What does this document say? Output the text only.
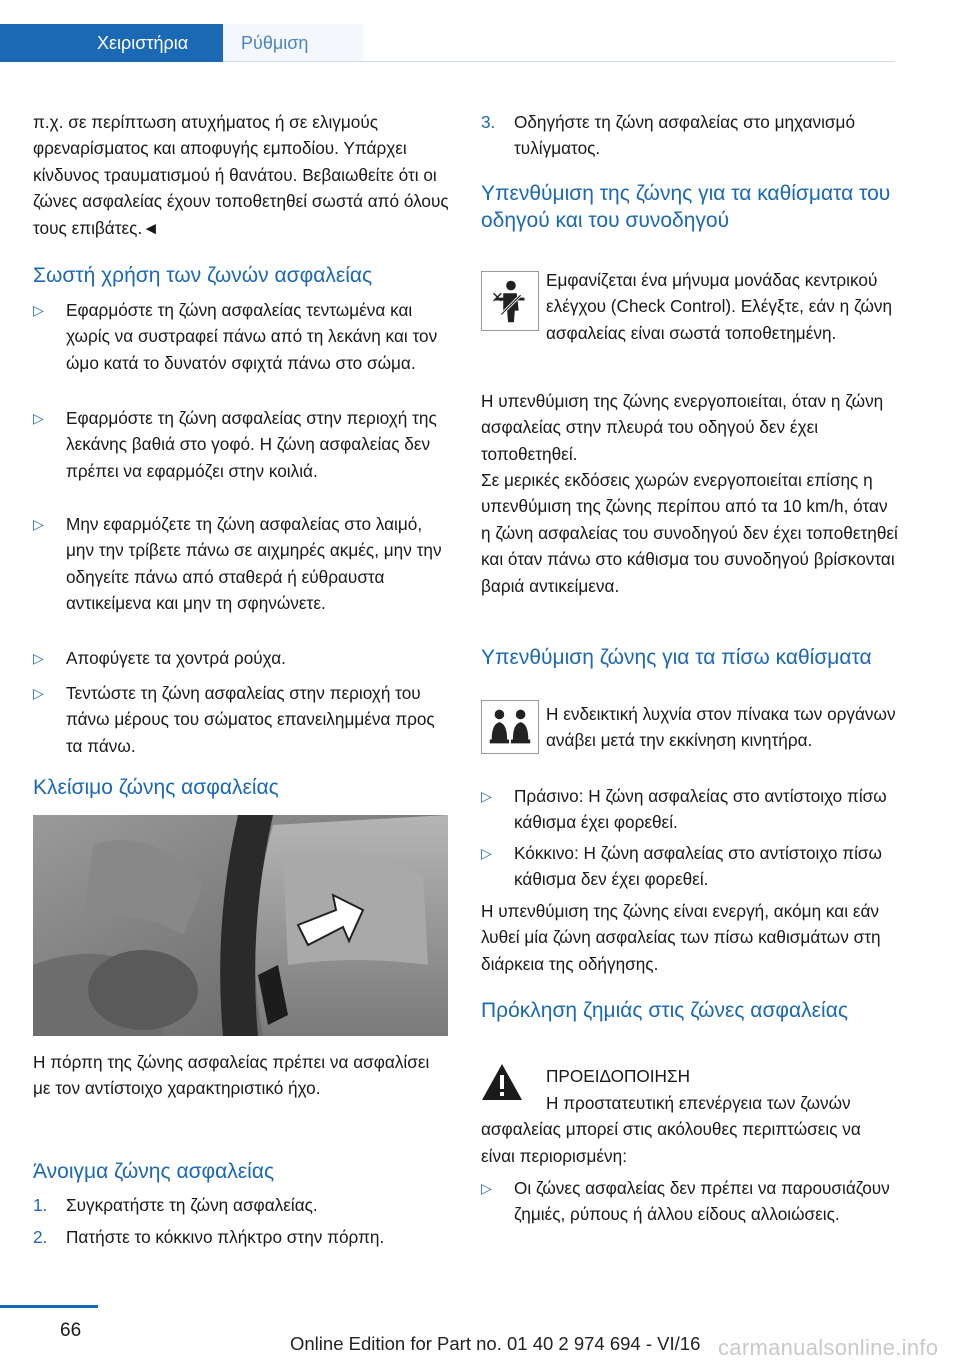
Χειριστήρια	Ρύθμιση
π.χ. σε περίπτωση ατυχήματος ή σε ελιγμούς φρεναρίσματος και αποφυγής εμποδίου. Υπάρχει κίνδυνος τραυματισμού ή θανάτου. Βεβαιωθείτε ότι οι ζώνες ασφαλείας έχουν τοποθετηθεί σωστά από όλους τους επιβάτες.◄
Σωστή χρήση των ζωνών ασφαλείας
▷ Εφαρμόστε τη ζώνη ασφαλείας τεντωμένα και χωρίς να συστραφεί πάνω από τη λεκάνη και τον ώμο κατά το δυνατόν σφιχτά πάνω στο σώμα.
▷ Εφαρμόστε τη ζώνη ασφαλείας στην περιοχή της λεκάνης βαθιά στο γοφό. Η ζώνη ασφαλείας δεν πρέπει να εφαρμόζει στην κοιλιά.
▷ Μην εφαρμόζετε τη ζώνη ασφαλείας στο λαιμό, μην την τρίβετε πάνω σε αιχμηρές ακμές, μην την οδηγείτε πάνω από σταθερά ή εύθραυστα αντικείμενα και μην τη σφηνώνετε.
▷ Αποφύγετε τα χοντρά ρούχα.
▷ Τεντώστε τη ζώνη ασφαλείας στην περιοχή του πάνω μέρους του σώματος επανειλημμένα προς τα πάνω.
Κλείσιμο ζώνης ασφαλείας
Η πόρπη της ζώνης ασφαλείας πρέπει να ασφαλίσει με τον αντίστοιχο χαρακτηριστικό ήχο.
Άνοιγμα ζώνης ασφαλείας
1. Συγκρατήστε τη ζώνη ασφαλείας.
2. Πατήστε το κόκκινο πλήκτρο στην πόρπη.
3. Οδηγήστε τη ζώνη ασφαλείας στο μηχανισμό τυλίγματος.
Υπενθύμιση της ζώνης για τα καθίσματα του οδηγού και του συνοδηγού
Εμφανίζεται ένα μήνυμα μονάδας κεντρικού ελέγχου (Check Control). Ελέγξτε, εάν η ζώνη ασφαλείας είναι σωστά τοποθετημένη.
Η υπενθύμιση της ζώνης ενεργοποιείται, όταν η ζώνη ασφαλείας στην πλευρά του οδηγού δεν έχει τοποθετηθεί.
Σε μερικές εκδόσεις χωρών ενεργοποιείται επίσης η υπενθύμιση της ζώνης περίπου από τα 10 km/h, όταν η ζώνη ασφαλείας του συνοδηγού δεν έχει τοποθετηθεί και όταν πάνω στο κάθισμα του συνοδηγού βρίσκονται βαριά αντικείμενα.
Υπενθύμιση ζώνης για τα πίσω καθίσματα
Η ενδεικτική λυχνία στον πίνακα των οργάνων ανάβει μετά την εκκίνηση κινητήρα.
▷ Πράσινο: Η ζώνη ασφαλείας στο αντίστοιχο πίσω κάθισμα έχει φορεθεί.
▷ Κόκκινο: Η ζώνη ασφαλείας στο αντίστοιχο πίσω κάθισμα δεν έχει φορεθεί.
Η υπενθύμιση της ζώνης είναι ενεργή, ακόμη και εάν λυθεί μία ζώνη ασφαλείας των πίσω καθισμάτων στη διάρκεια της οδήγησης.
Πρόκληση ζημιάς στις ζώνες ασφαλείας
ΠΡΟΕΙΔΟΠΟΙΗΣΗ
Η προστατευτική επενέργεια των ζωνών ασφαλείας μπορεί στις ακόλουθες περιπτώσεις να είναι περιορισμένη:
▷ Οι ζώνες ασφαλείας δεν πρέπει να παρουσιάζουν ζημιές, ρύπους ή άλλου είδους αλλοιώσεις.
66
Online Edition for Part no. 01 40 2 974 694 - VI/16 carmanualsonline.info
